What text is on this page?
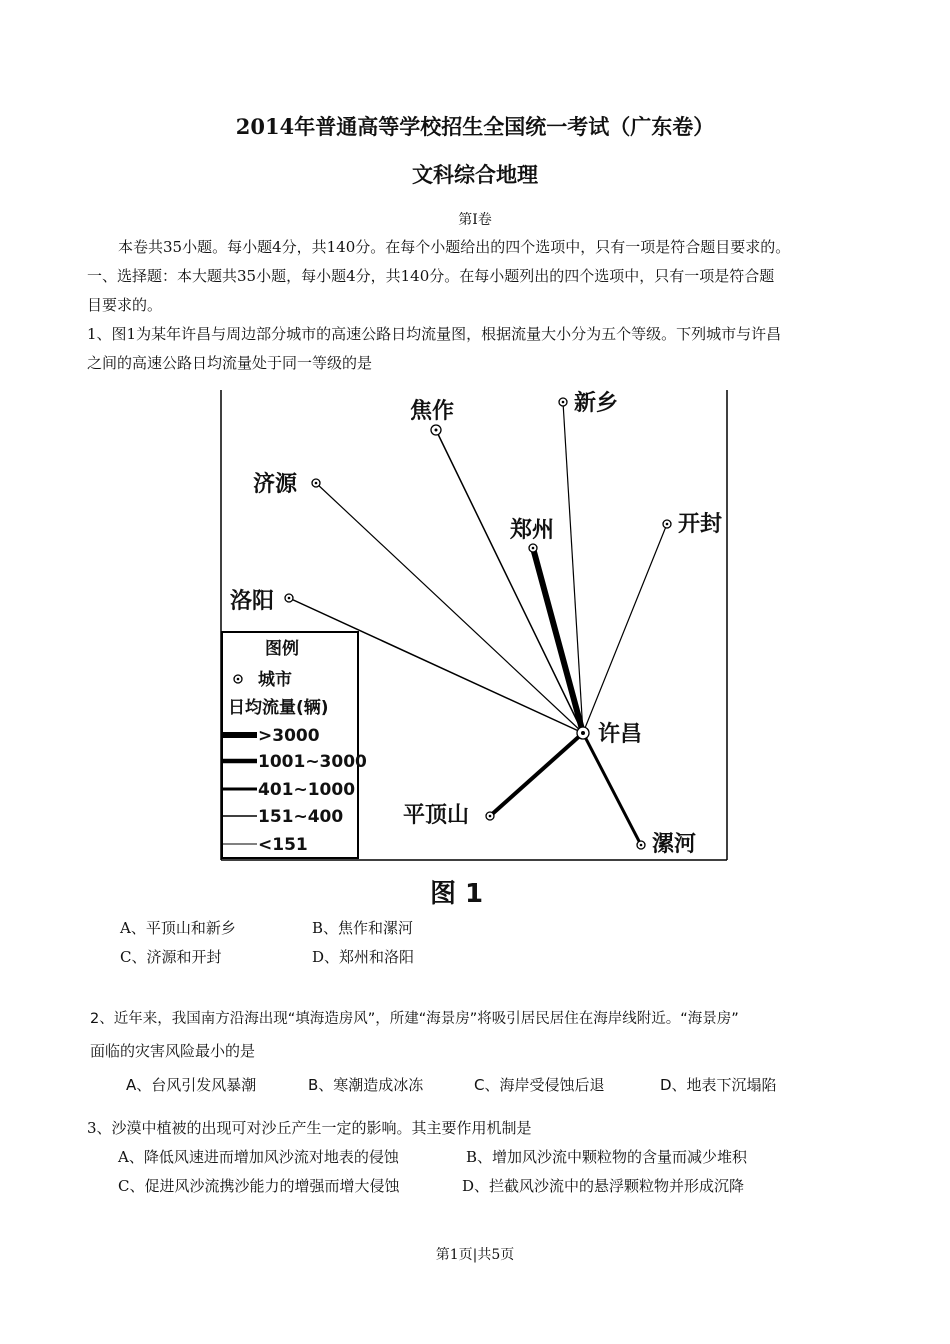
2014年普通高等学校招生全国统一考试（广东卷）
文科综合地理
第Ⅰ卷
本卷共35小题。每小题4分，共140分。在每个小题给出的四个选项中，只有一项是符合题目要求的。
一、选择题：本大题共35小题，每小题4分，共140分。在每小题列出的四个选项中，只有一项是符合题
目要求的。
1、图1为某年许昌与周边部分城市的高速公路日均流量图，根据流量大小分为五个等级。下列城市与许昌
之间的高速公路日均流量处于同一等级的是
焦作	新乡
济源
郑州	开封
洛阳
许昌
平顶山
漯河
图例
城市
日均流量(辆)
>3000
1001~3000
401~1000
151~400
<151
图 1
A、平顶山和新乡	B、焦作和漯河
C、济源和开封	D、郑州和洛阳
2、近年来，我国南方沿海出现“填海造房风”，所建“海景房”将吸引居民居住在海岸线附近。“海景房”
面临的灾害风险最小的是
A、台风引发风暴潮	B、寒潮造成冰冻	C、海岸受侵蚀后退	D、地表下沉塌陷
3、沙漠中植被的出现可对沙丘产生一定的影响。其主要作用机制是
A、降低风速进而增加风沙流对地表的侵蚀	B、增加风沙流中颗粒物的含量而减少堆积
C、促进风沙流携沙能力的增强而增大侵蚀	D、拦截风沙流中的悬浮颗粒物并形成沉降
第1页|共5页
